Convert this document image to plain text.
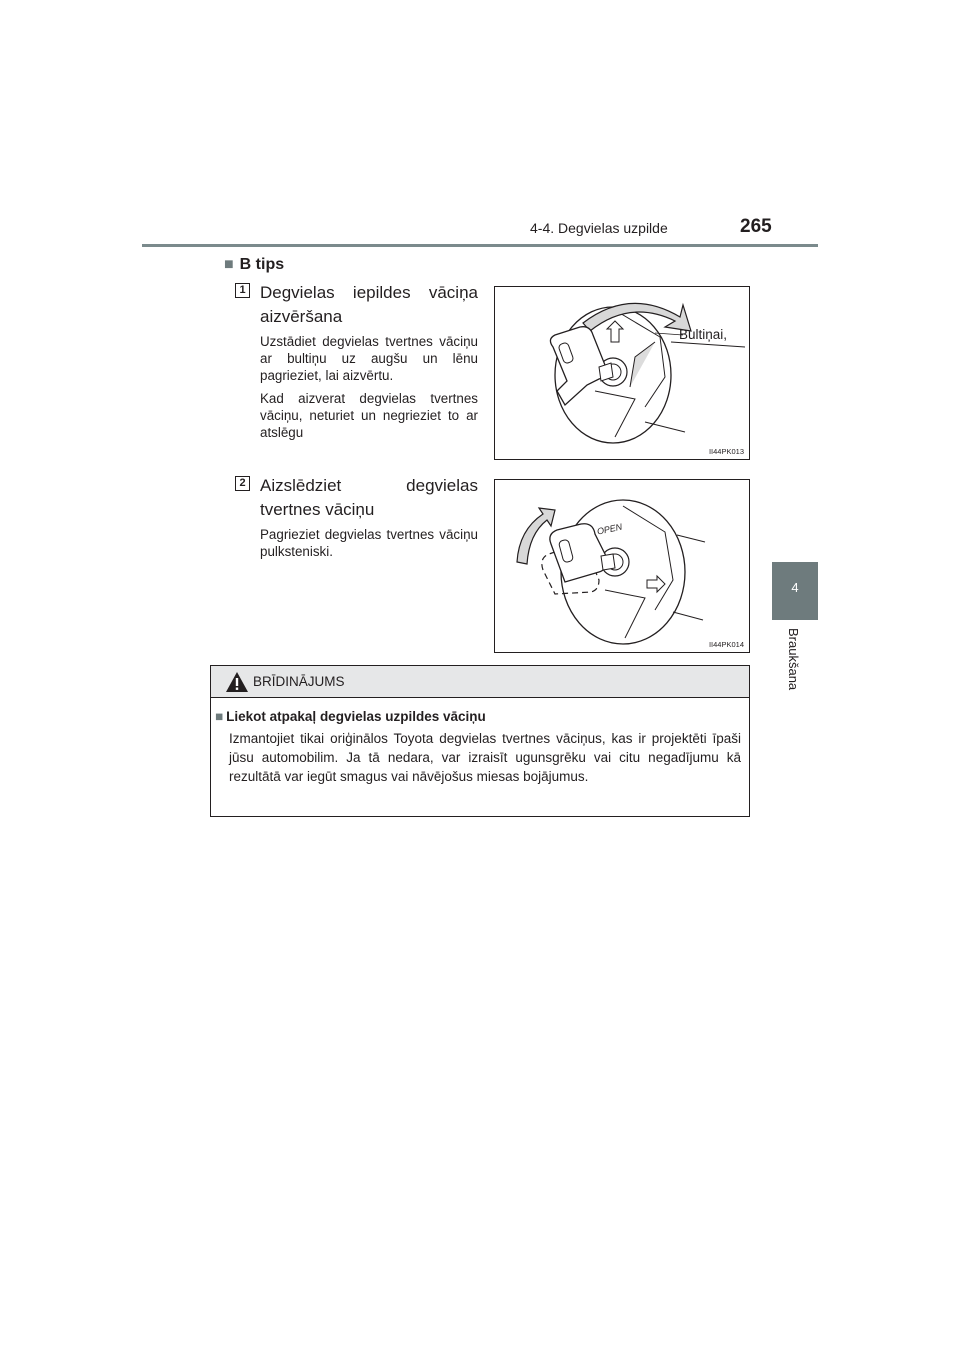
4-4. Degvielas uzpilde	265
4
Braukšana
■ B tips
1 Degvielas iepildes vāciņa
aizvēršana

Uzstādiet degvielas tvertnes vāciņu ar bultiņu uz augšu un lēnu pagrieziet, lai aizvērtu.

Kad aizverat degvielas tvertnes vāciņu, neturiet un negrieziet to ar atslēgu

Bultiņai,
II44PK013
2 Aizslēdziet degvielas
tvertnes vāciņu

Pagrieziet degvielas tvertnes vāciņu pulksteniski.

OPEN
II44PK014
BRĪDINĀJUMS
■ Liekot atpakaļ degvielas uzpildes vāciņu
Izmantojiet tikai oriģinālos Toyota degvielas tvertnes vāciņus, kas ir projektēti īpaši jūsu automobilim. Ja tā nedara, var izraisīt ugunsgrēku vai citu negadījumu kā rezultātā var iegūt smagus vai nāvējošus miesas bojājumus.
